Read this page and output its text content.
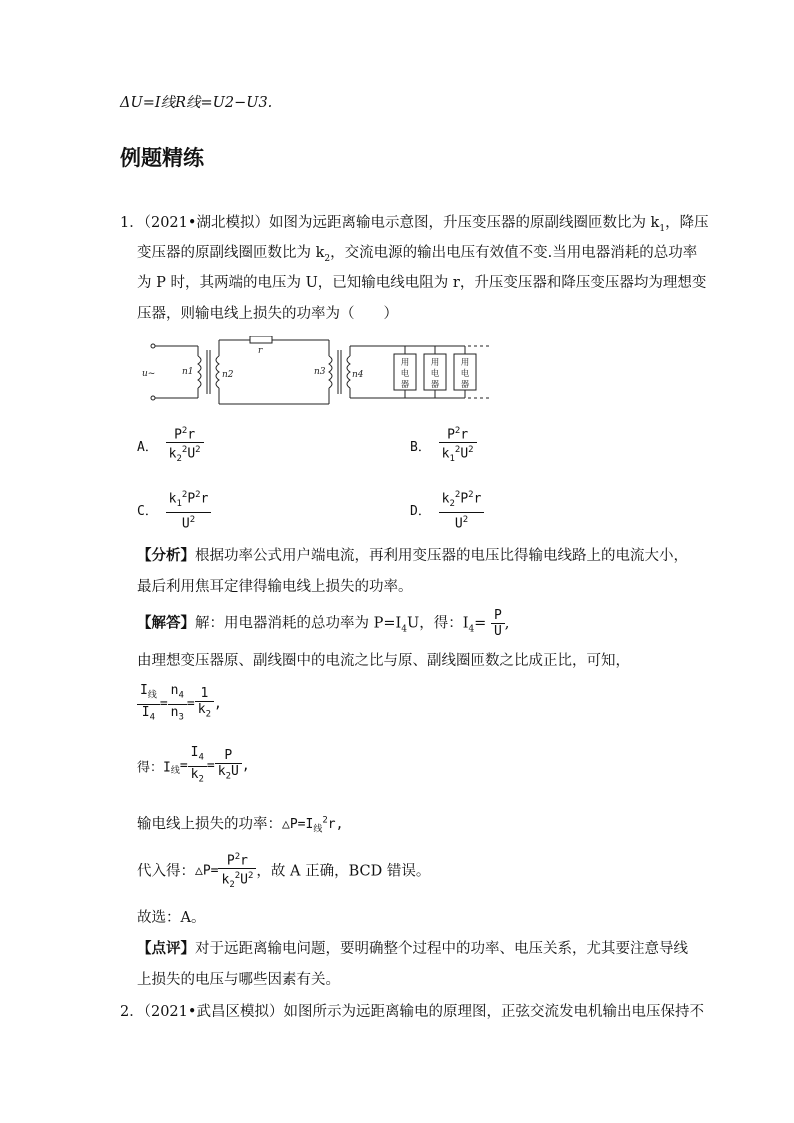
ΔU=I线R线=U2−U3.
例题精练
1．（2021•湖北模拟）如图为远距离输电示意图，升压变压器的原副线圈匝数比为 $k_1$，降压
变压器的原副线圈匝数比为 $k_2$，交流电源的输出电压有效值不变.当用电器消耗的总功率
为 P 时，其两端的电压为 U，已知输电线电阻为 r，升压变压器和降压变压器均为理想变
压器，则输电线上损失的功率为（　　）
u~	n1	n2
r
n3	n4
用电器
用电器
用电器
A． $\frac{P^2r}{k_2^2U^2}$	B． $\frac{P^2r}{k_1^2U^2}$
C． $\frac{k_1^2P^2r}{U^2}$	D． $\frac{k_2^2P^2r}{U^2}$
【分析】根据功率公式用户端电流，再利用变压器的电压比得输电线路上的电流大小，
最后利用焦耳定律得输电线上损失的功率。
【解答】解：用电器消耗的总功率为 $P=I_4U$，得：$I_4= \frac{P}{U}$ ,
由理想变压器原、副线圈中的电流之比与原、副线圈匝数之比成正比，可知，
$\frac{I_线}{I_4} = \frac{n_4}{n_3} = \frac{1}{k_2}$ ,
得：$I_线= \frac{I_4}{k_2} = \frac{P}{k_2U}$ ,
输电线上损失的功率：$\triangle P=I_线^2r$,
代入得：△P= $\frac{P^2r}{k_2^2U^2}$ ，故 A 正确，BCD 错误。
故选：A。
【点评】对于远距离输电问题，要明确整个过程中的功率、电压关系，尤其要注意导线
上损失的电压与哪些因素有关。
2．（2021•武昌区模拟）如图所示为远距离输电的原理图，正弦交流发电机输出电压保持不
